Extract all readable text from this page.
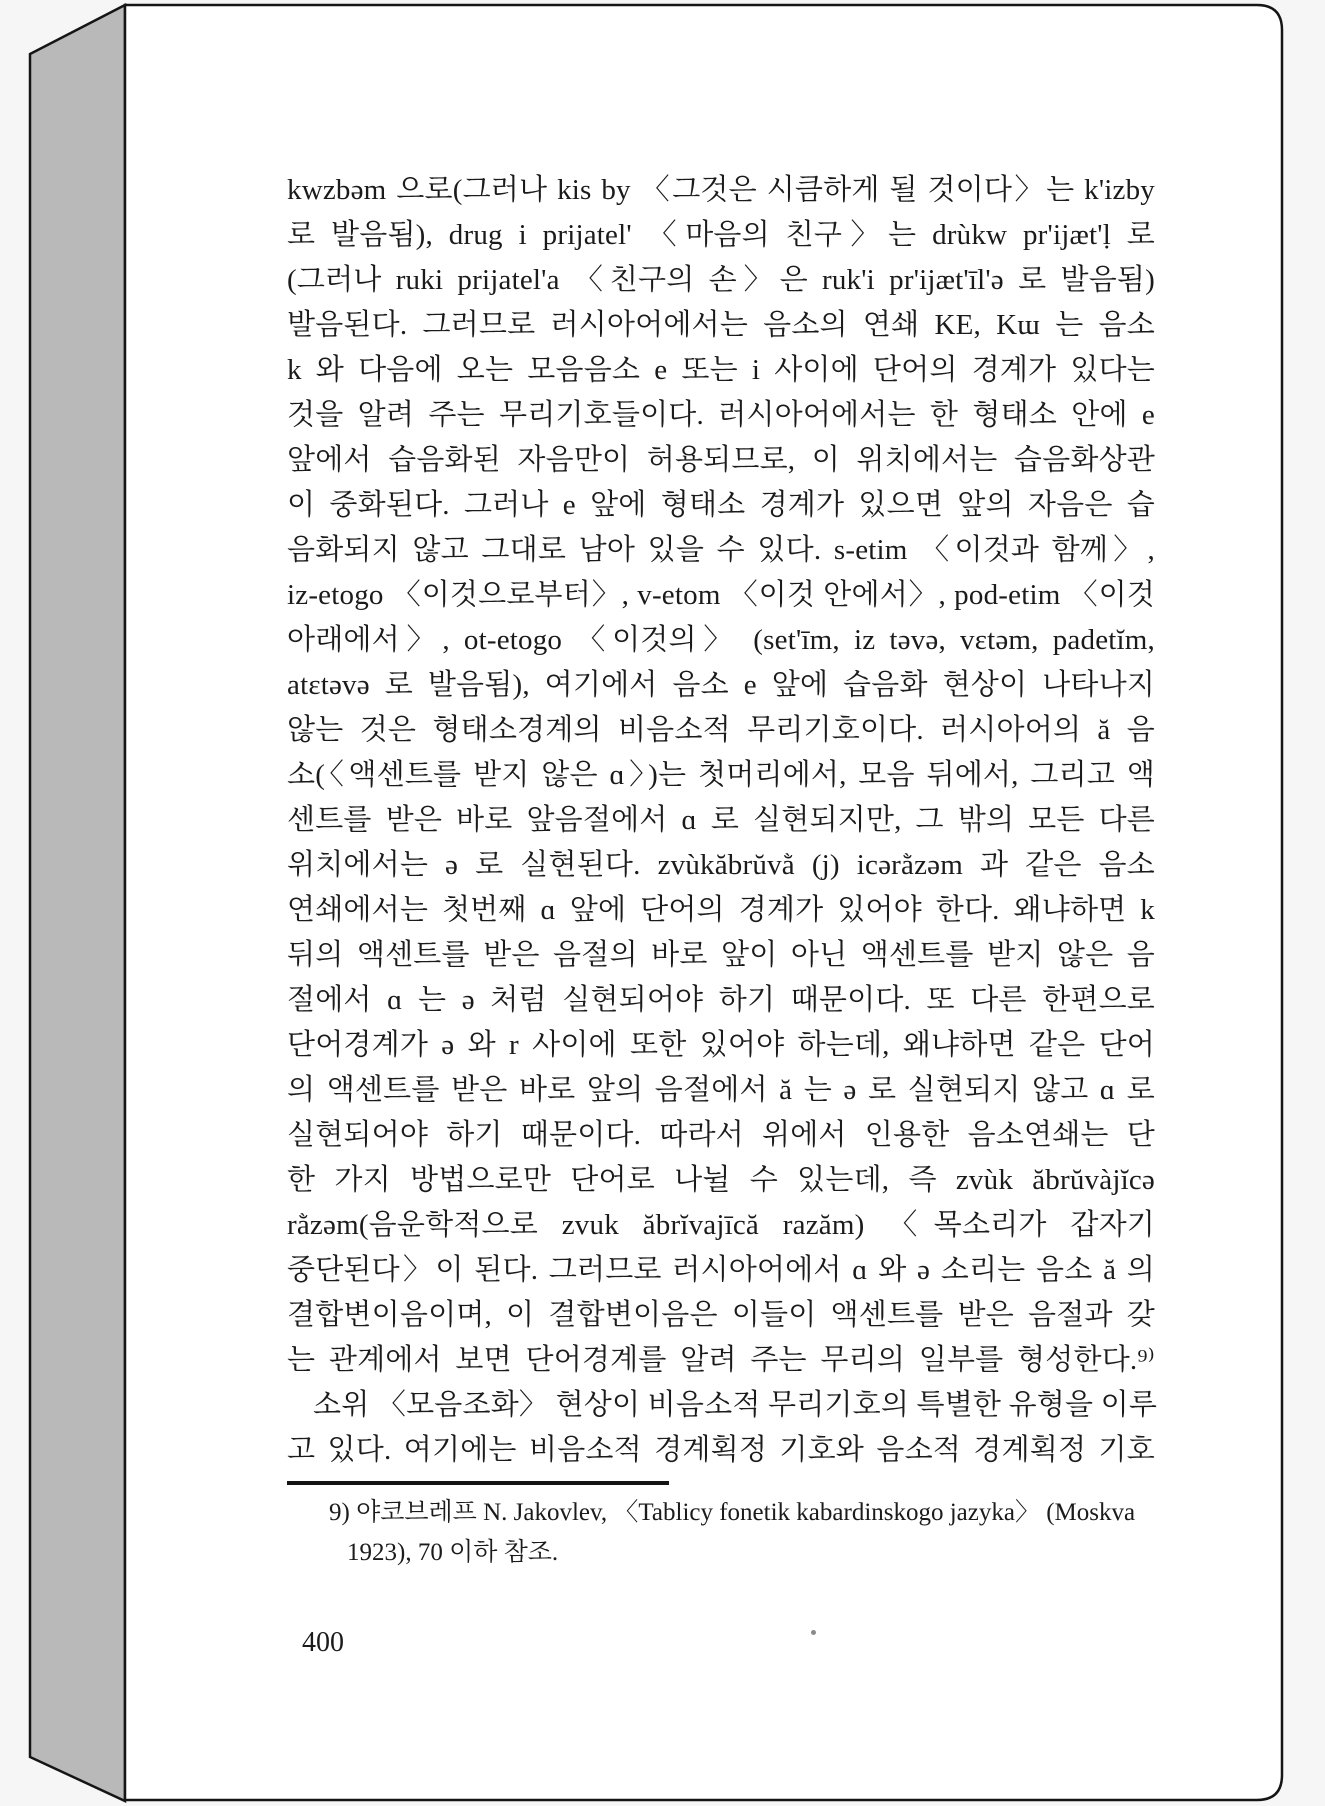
kwzbəm 으로(그러나 kis by 〈그것은 시큼하게 될 것이다〉는 k'izby
로 발음됨), drug i prijatel' 〈마음의 친구〉는 drùkw pr'ijæt'ḷ 로
(그러나 ruki prijatel'a 〈친구의 손〉은 ruk'i pr'ijæt'īl'ə 로 발음됨)
발음된다. 그러므로 러시아어에서는 음소의 연쇄 KE, Kɯ 는 음소
k 와 다음에 오는 모음음소 e 또는 i 사이에 단어의 경계가 있다는
것을 알려 주는 무리기호들이다. 러시아어에서는 한 형태소 안에 e
앞에서 습음화된 자음만이 허용되므로, 이 위치에서는 습음화상관
이 중화된다. 그러나 e 앞에 형태소 경계가 있으면 앞의 자음은 습
음화되지 않고 그대로 남아 있을 수 있다. s-etim 〈이것과 함께〉,
iz-etogo 〈이것으로부터〉, v-etom 〈이것 안에서〉, pod-etim 〈이것
아래에서〉, ot-etogo 〈이것의〉 (set'īm, iz təvə, vɛtəm, padetĭm,
atɛtəvə 로 발음됨), 여기에서 음소 e 앞에 습음화 현상이 나타나지
않는 것은 형태소경계의 비음소적 무리기호이다. 러시아어의 ă 음
소(〈액센트를 받지 않은 ɑ〉)는 첫머리에서, 모음 뒤에서, 그리고 액
센트를 받은 바로 앞음절에서 ɑ 로 실현되지만, 그 밖의 모든 다른
위치에서는 ə 로 실현된다. zvùkăbrŭvằ (j) icərằzəm 과 같은 음소
연쇄에서는 첫번째 ɑ 앞에 단어의 경계가 있어야 한다. 왜냐하면 k
뒤의 액센트를 받은 음절의 바로 앞이 아닌 액센트를 받지 않은 음
절에서 ɑ 는 ə 처럼 실현되어야 하기 때문이다. 또 다른 한편으로
단어경계가 ə 와 r 사이에 또한 있어야 하는데, 왜냐하면 같은 단어
의 액센트를 받은 바로 앞의 음절에서 ă 는 ə 로 실현되지 않고 ɑ 로
실현되어야 하기 때문이다. 따라서 위에서 인용한 음소연쇄는 단
한 가지 방법으로만 단어로 나뉠 수 있는데, 즉 zvùk ăbrŭvàjĭcə
rằzəm(음운학적으로 zvuk ăbrĭvajīcă razăm) 〈목소리가 갑자기
중단된다〉이 된다. 그러므로 러시아어에서 ɑ 와 ə 소리는 음소 ă 의
결합변이음이며, 이 결합변이음은 이들이 액센트를 받은 음절과 갖
는 관계에서 보면 단어경계를 알려 주는 무리의 일부를 형성한다.⁹⁾
소위 〈모음조화〉 현상이 비음소적 무리기호의 특별한 유형을 이루
고 있다. 여기에는 비음소적 경계획정 기호와 음소적 경계획정 기호
9) 야코브레프 N. Jakovlev, 〈Tablicy fonetik kabardinskogo jazyka〉 (Moskva
1923), 70 이하 참조.
400
